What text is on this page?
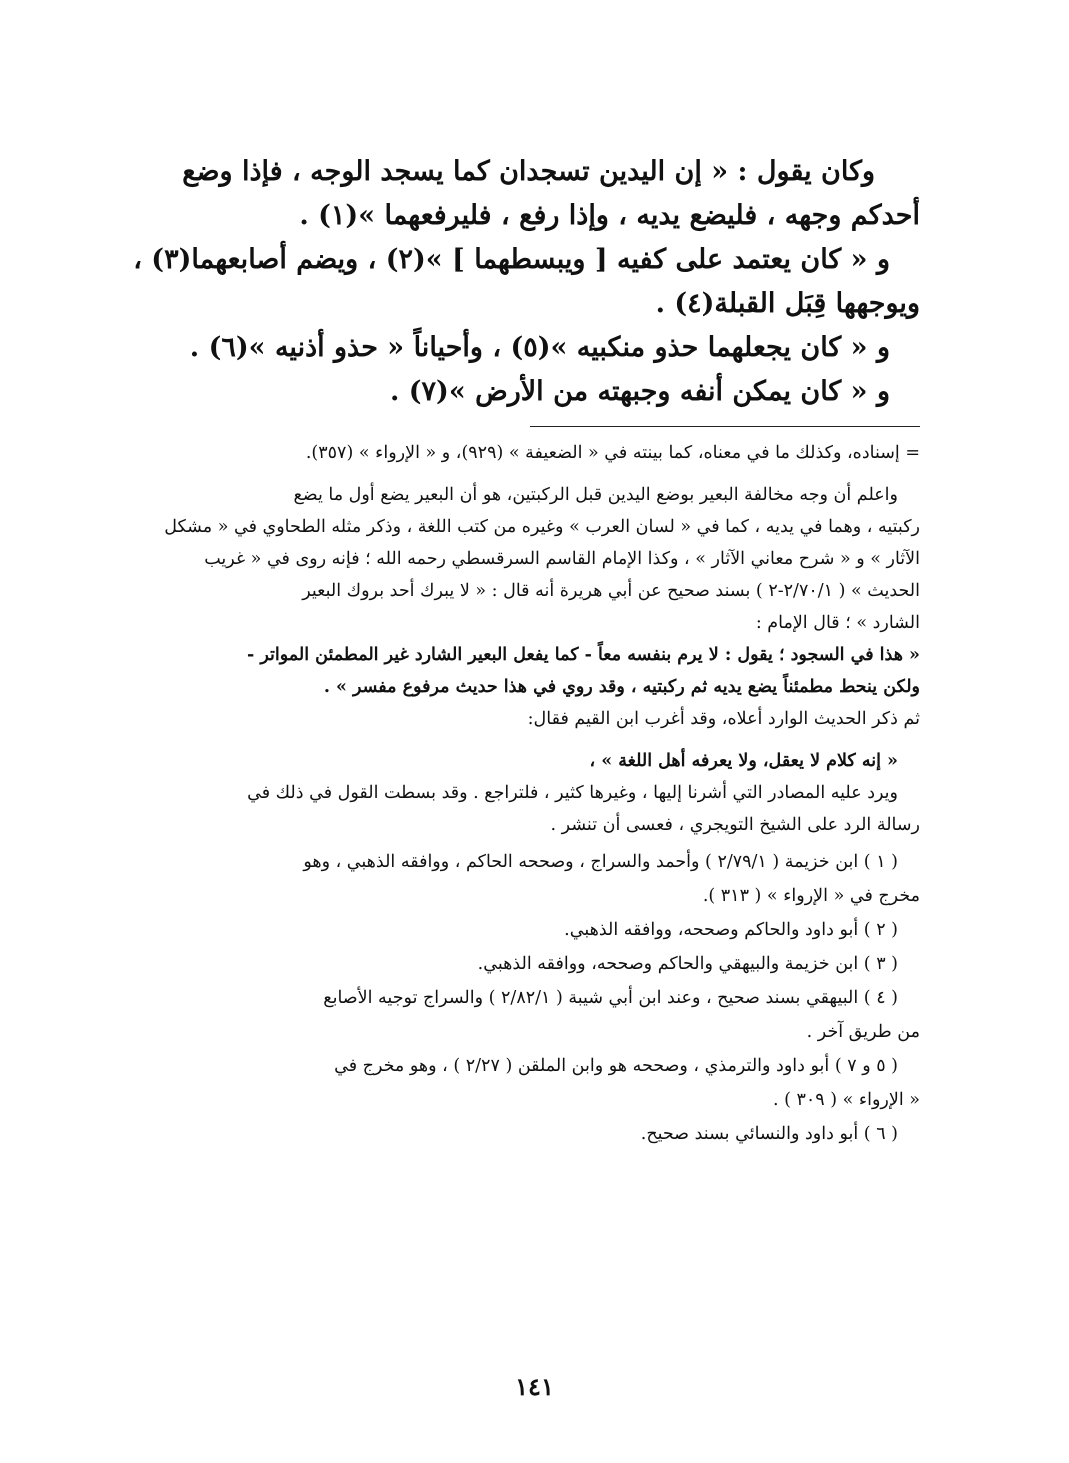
وكان يقول : « إن اليدين تسجدان كما يسجد الوجه ، فإذا وضع
أحدكم وجهه ، فليضع يديه ، وإذا رفع ، فليرفعهما »(١) .
و « كان يعتمد على كفيه [ ويبسطهما ] »(٢) ، ويضم أصابعهما(٣) ،
ويوجهها قِبَل القبلة(٤) .
و « كان يجعلهما حذو منكبيه »(٥) ، وأحياناً « حذو أذنيه »(٦) .
و « كان يمكن أنفه وجبهته من الأرض »(٧) .
= إسناده، وكذلك ما في معناه، كما بينته في « الضعيفة » (٩٢٩)، و « الإرواء » (٣٥٧).
واعلم أن وجه مخالفة البعير بوضع اليدين قبل الركبتين، هو أن البعير يضع أول ما يضع
ركبتيه ، وهما في يديه ، كما في « لسان العرب » وغيره من كتب اللغة ، وذكر مثله الطحاوي في « مشكل
الآثار » و « شرح معاني الآثار » ، وكذا الإمام القاسم السرقسطي رحمه الله ؛ فإنه روى في « غريب
الحديث » ( ٢/٧٠/١-٢ ) بسند صحيح عن أبي هريرة أنه قال : « لا يبرك أحد بروك البعير
الشارد » ؛ قال الإمام :
« هذا في السجود ؛ يقول : لا يرم بنفسه معاً - كما يفعل البعير الشارد غير المطمئن المواتر -
ولكن ينحط مطمئناً يضع يديه ثم ركبتيه ، وقد روي في هذا حديث مرفوع مفسر » .
ثم ذكر الحديث الوارد أعلاه، وقد أغرب ابن القيم فقال:
« إنه كلام لا يعقل، ولا يعرفه أهل اللغة » ،
ويرد عليه المصادر التي أشرنا إليها ، وغيرها كثير ، فلتراجع . وقد بسطت القول في ذلك في
رسالة الرد على الشيخ التويجري ، فعسى أن تنشر .
( ١ ) ابن خزيمة ( ٢/٧٩/١ ) وأحمد والسراج ، وصححه الحاكم ، ووافقه الذهبي ، وهو
مخرج في « الإرواء » ( ٣١٣ ).
( ٢ ) أبو داود والحاكم وصححه، ووافقه الذهبي.
( ٣ ) ابن خزيمة والبيهقي والحاكم وصححه، ووافقه الذهبي.
( ٤ ) البيهقي بسند صحيح ، وعند ابن أبي شيبة ( ٢/٨٢/١ ) والسراج توجيه الأصابع
من طريق آخر .
( ٥ و ٧ ) أبو داود والترمذي ، وصححه هو وابن الملقن ( ٢/٢٧ ) ، وهو مخرج في
« الإرواء » ( ٣٠٩ ) .
( ٦ ) أبو داود والنسائي بسند صحيح.
١٤١
